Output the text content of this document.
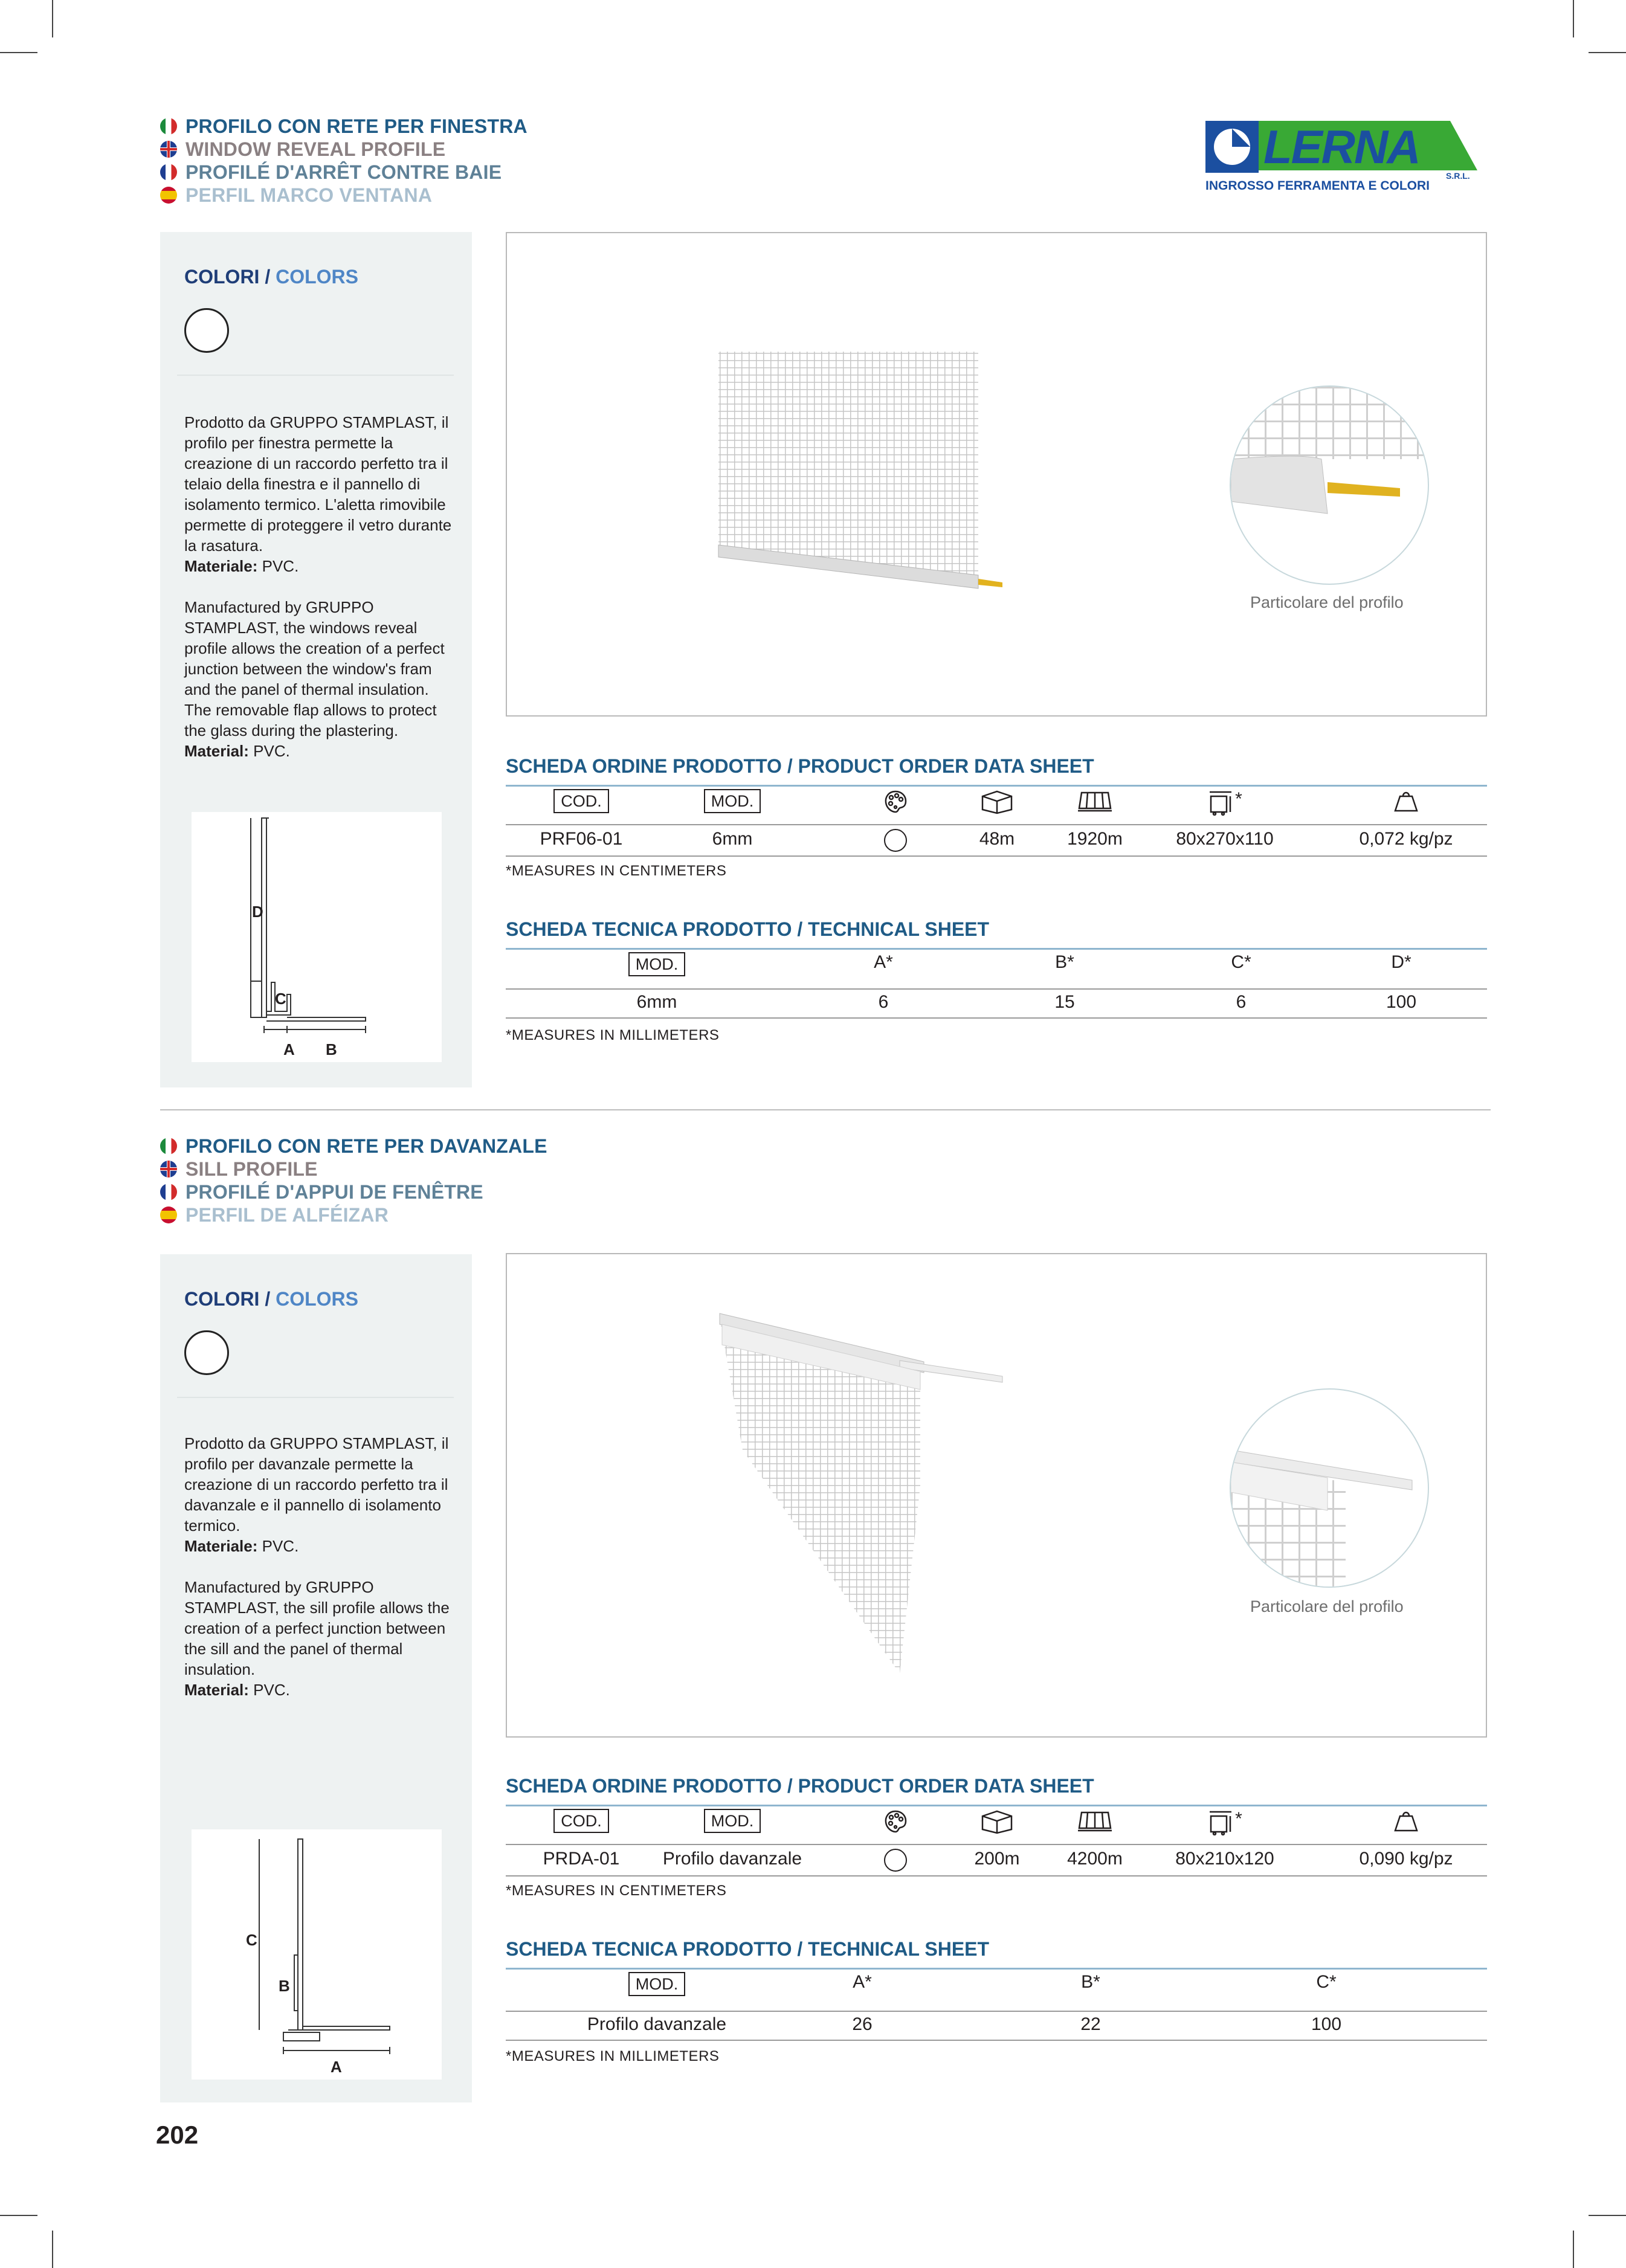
LERNA
S.R.L.
INGROSSO FERRAMENTA E COLORI
PROFILO CON RETE PER FINESTRA
WINDOW REVEAL PROFILE
PROFILÉ D'ARRÊT CONTRE BAIE
PERFIL MARCO VENTANA
COLORI / COLORS

Prodotto da GRUPPO STAMPLAST, il profilo per finestra permette la creazione di un raccordo perfetto tra il telaio della finestra e il pannello di isolamento termico. L'aletta rimovibile permette di proteggere il vetro durante la rasatura.
Materiale: PVC.

Manufactured by GRUPPO STAMPLAST, the windows reveal profile allows the creation of a perfect junction between the window's fram and the panel of thermal insulation. The removable flap allows to protect the glass during the plastering.
Material: PVC.

D
C
A B
Particolare del profilo
SCHEDA ORDINE PRODOTTO / PRODUCT ORDER DATA SHEET
COD.	MOD.	*
PRF06-01	6mm	48m	1920m	80x270x110	0,072 kg/pz
*MEASURES IN CENTIMETERS
SCHEDA TECNICA PRODOTTO / TECHNICAL SHEET
MOD.	A*	B*	C*	D*
6mm	6	15	6	100
*MEASURES IN MILLIMETERS
PROFILO CON RETE PER DAVANZALE
SILL PROFILE
PROFILÉ D'APPUI DE FENÊTRE
PERFIL DE ALFÉIZAR
COLORI / COLORS

Prodotto da GRUPPO STAMPLAST, il profilo per davanzale permette la creazione di un raccordo perfetto tra il davanzale e il pannello di isolamento termico.
Materiale: PVC.

Manufactured by GRUPPO STAMPLAST, the sill profile allows the creation of a perfect junction between the sill and the panel of thermal insulation.
Material: PVC.

C
B
A
Particolare del profilo
SCHEDA ORDINE PRODOTTO / PRODUCT ORDER DATA SHEET
COD.	MOD.	*
PRDA-01	Profilo davanzale	200m	4200m	80x210x120	0,090 kg/pz
*MEASURES IN CENTIMETERS
SCHEDA TECNICA PRODOTTO / TECHNICAL SHEET
MOD.	A*	B*	C*
Profilo davanzale	26	22	100
*MEASURES IN MILLIMETERS
202
